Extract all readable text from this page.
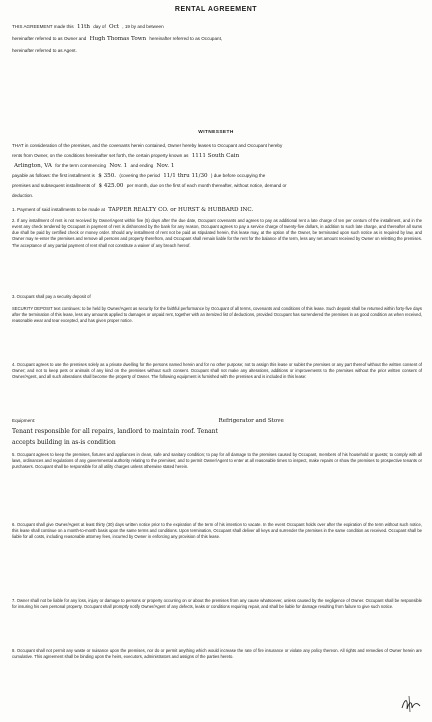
RENTAL AGREEMENT
THIS AGREEMENT made this 11th day of Oct , 19 by and between
hereinafter referred to as Owner and Hugh Thomas Town hereinafter referred to as Occupant,
hereinafter referred to as Agent.
WITNESSETH
THAT in consideration of the premises, and the covenants herein contained, Owner hereby leases to Occupant and Occupant hereby
rents from Owner, on the conditions hereinafter set forth, the certain property known as 1111 South Cain
Arlington, VA for the term commencing Nov. 1 and ending Nov. 1
payable as follows: the first installment is $ 350. (covering the period 11/1 thru 11/30 ) due before occupying the
premises and subsequent installments of $ 425.00 per month, due on the first of each month thereafter, without notice, demand or
deduction.
1. Payment of said installments to be made at TAPPER REALTY CO. or HURST & HUBBARD INC.
2. If any installment of rent is not received by Owner/Agent within five (5) days after the due date, Occupant covenants and agrees to pay as additional rent a late charge of ten per centum of the installment, and in the event any check tendered by Occupant in payment of rent is dishonored by the bank for any reason, Occupant agrees to pay a service charge of twenty-five dollars, in addition to such late charge, and thereafter all sums due shall be paid by certified check or money order. Should any installment of rent not be paid as stipulated herein, this lease may, at the option of the Owner, be terminated upon such notice as is required by law, and Owner may re-enter the premises and remove all persons and property therefrom, and Occupant shall remain liable for the rent for the balance of the term, less any net amount received by Owner on reletting the premises. The acceptance of any partial payment of rent shall not constitute a waiver of any breach hereof.
3. Occupant shall pay a security deposit of
SECURITY DEPOSIT text continues: to be held by Owner/Agent as security for the faithful performance by Occupant of all terms, covenants and conditions of this lease. Such deposit shall be returned within forty-five days after the termination of this lease, less any amounts applied to damages or unpaid rent, together with an itemized list of deductions, provided Occupant has surrendered the premises in as good condition as when received, reasonable wear and tear excepted, and has given proper notice.
4. Occupant agrees to use the premises solely as a private dwelling for the persons named herein and for no other purpose; not to assign this lease or sublet the premises or any part thereof without the written consent of Owner; and not to keep pets or animals of any kind on the premises without such consent. Occupant shall not make any alterations, additions or improvements to the premises without the prior written consent of Owner/Agent, and all such alterations shall become the property of Owner. The following equipment is furnished with the premises and is included in this lease:
Equipment:	Refrigerator and Stove
Tenant responsible for all repairs, landlord to maintain roof. Tenant
accepts building in as-is condition
5. Occupant agrees to keep the premises, fixtures and appliances in clean, safe and sanitary condition; to pay for all damage to the premises caused by Occupant, members of his household or guests; to comply with all laws, ordinances and regulations of any governmental authority relating to the premises; and to permit Owner/Agent to enter at all reasonable times to inspect, make repairs or show the premises to prospective tenants or purchasers. Occupant shall be responsible for all utility charges unless otherwise stated herein.
6. Occupant shall give Owner/Agent at least thirty (30) days written notice prior to the expiration of the term of his intention to vacate. In the event Occupant holds over after the expiration of the term without such notice, this lease shall continue on a month-to-month basis upon the same terms and conditions. Upon termination, Occupant shall deliver all keys and surrender the premises in the same condition as received. Occupant shall be liable for all costs, including reasonable attorney fees, incurred by Owner in enforcing any provision of this lease.
7. Owner shall not be liable for any loss, injury or damage to persons or property occurring on or about the premises from any cause whatsoever, unless caused by the negligence of Owner. Occupant shall be responsible for insuring his own personal property. Occupant shall promptly notify Owner/Agent of any defects, leaks or conditions requiring repair, and shall be liable for damage resulting from failure to give such notice.
8. Occupant shall not permit any waste or nuisance upon the premises, nor do or permit anything which would increase the rate of fire insurance or violate any policy thereon. All rights and remedies of Owner herein are cumulative. This agreement shall be binding upon the heirs, executors, administrators and assigns of the parties hereto.
